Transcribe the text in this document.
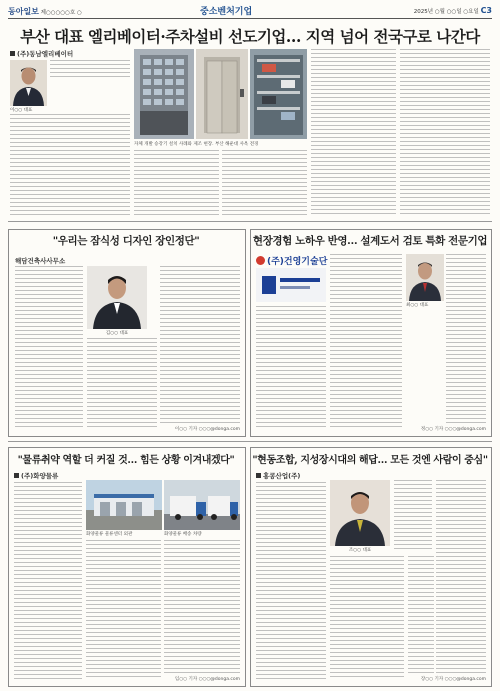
동아일보 제○○○○○호 ○	중소벤처기업	2025년 ○월 ○○일 ○요일 C3
부산 대표 엘리베이터·주차설비 선도기업… 지역 넘어 전국구로 나간다
(주)동남엘리베이터
이○○ 대표
자체 개발 승강기 설치 사례와 제조 현장. 부산 해운대 사옥 전경
"우리는 잠식성 디자인 장인정단"
해담건축사사무소
김○○ 대표
이○○ 기자 ○○○@donga.com
현장경험 노하우 반영… 설계도서 검토 특화 전문기업
(주)건영기술단
최○○ 대표
정○○ 기자 ○○○@donga.com
"물류취약 역할 더 커질 것… 힘든 상황 이겨내겠다"
(주)화양물류
화양물류 물류센터 외관	화양물류 배송 차량
임○○ 기자 ○○○@donga.com
"현동조합, 지성장시대의 해답… 모든 것엔 사람이 중심"
홍콩산업(주)
조○○ 대표
장○○ 기자 ○○○@donga.com
